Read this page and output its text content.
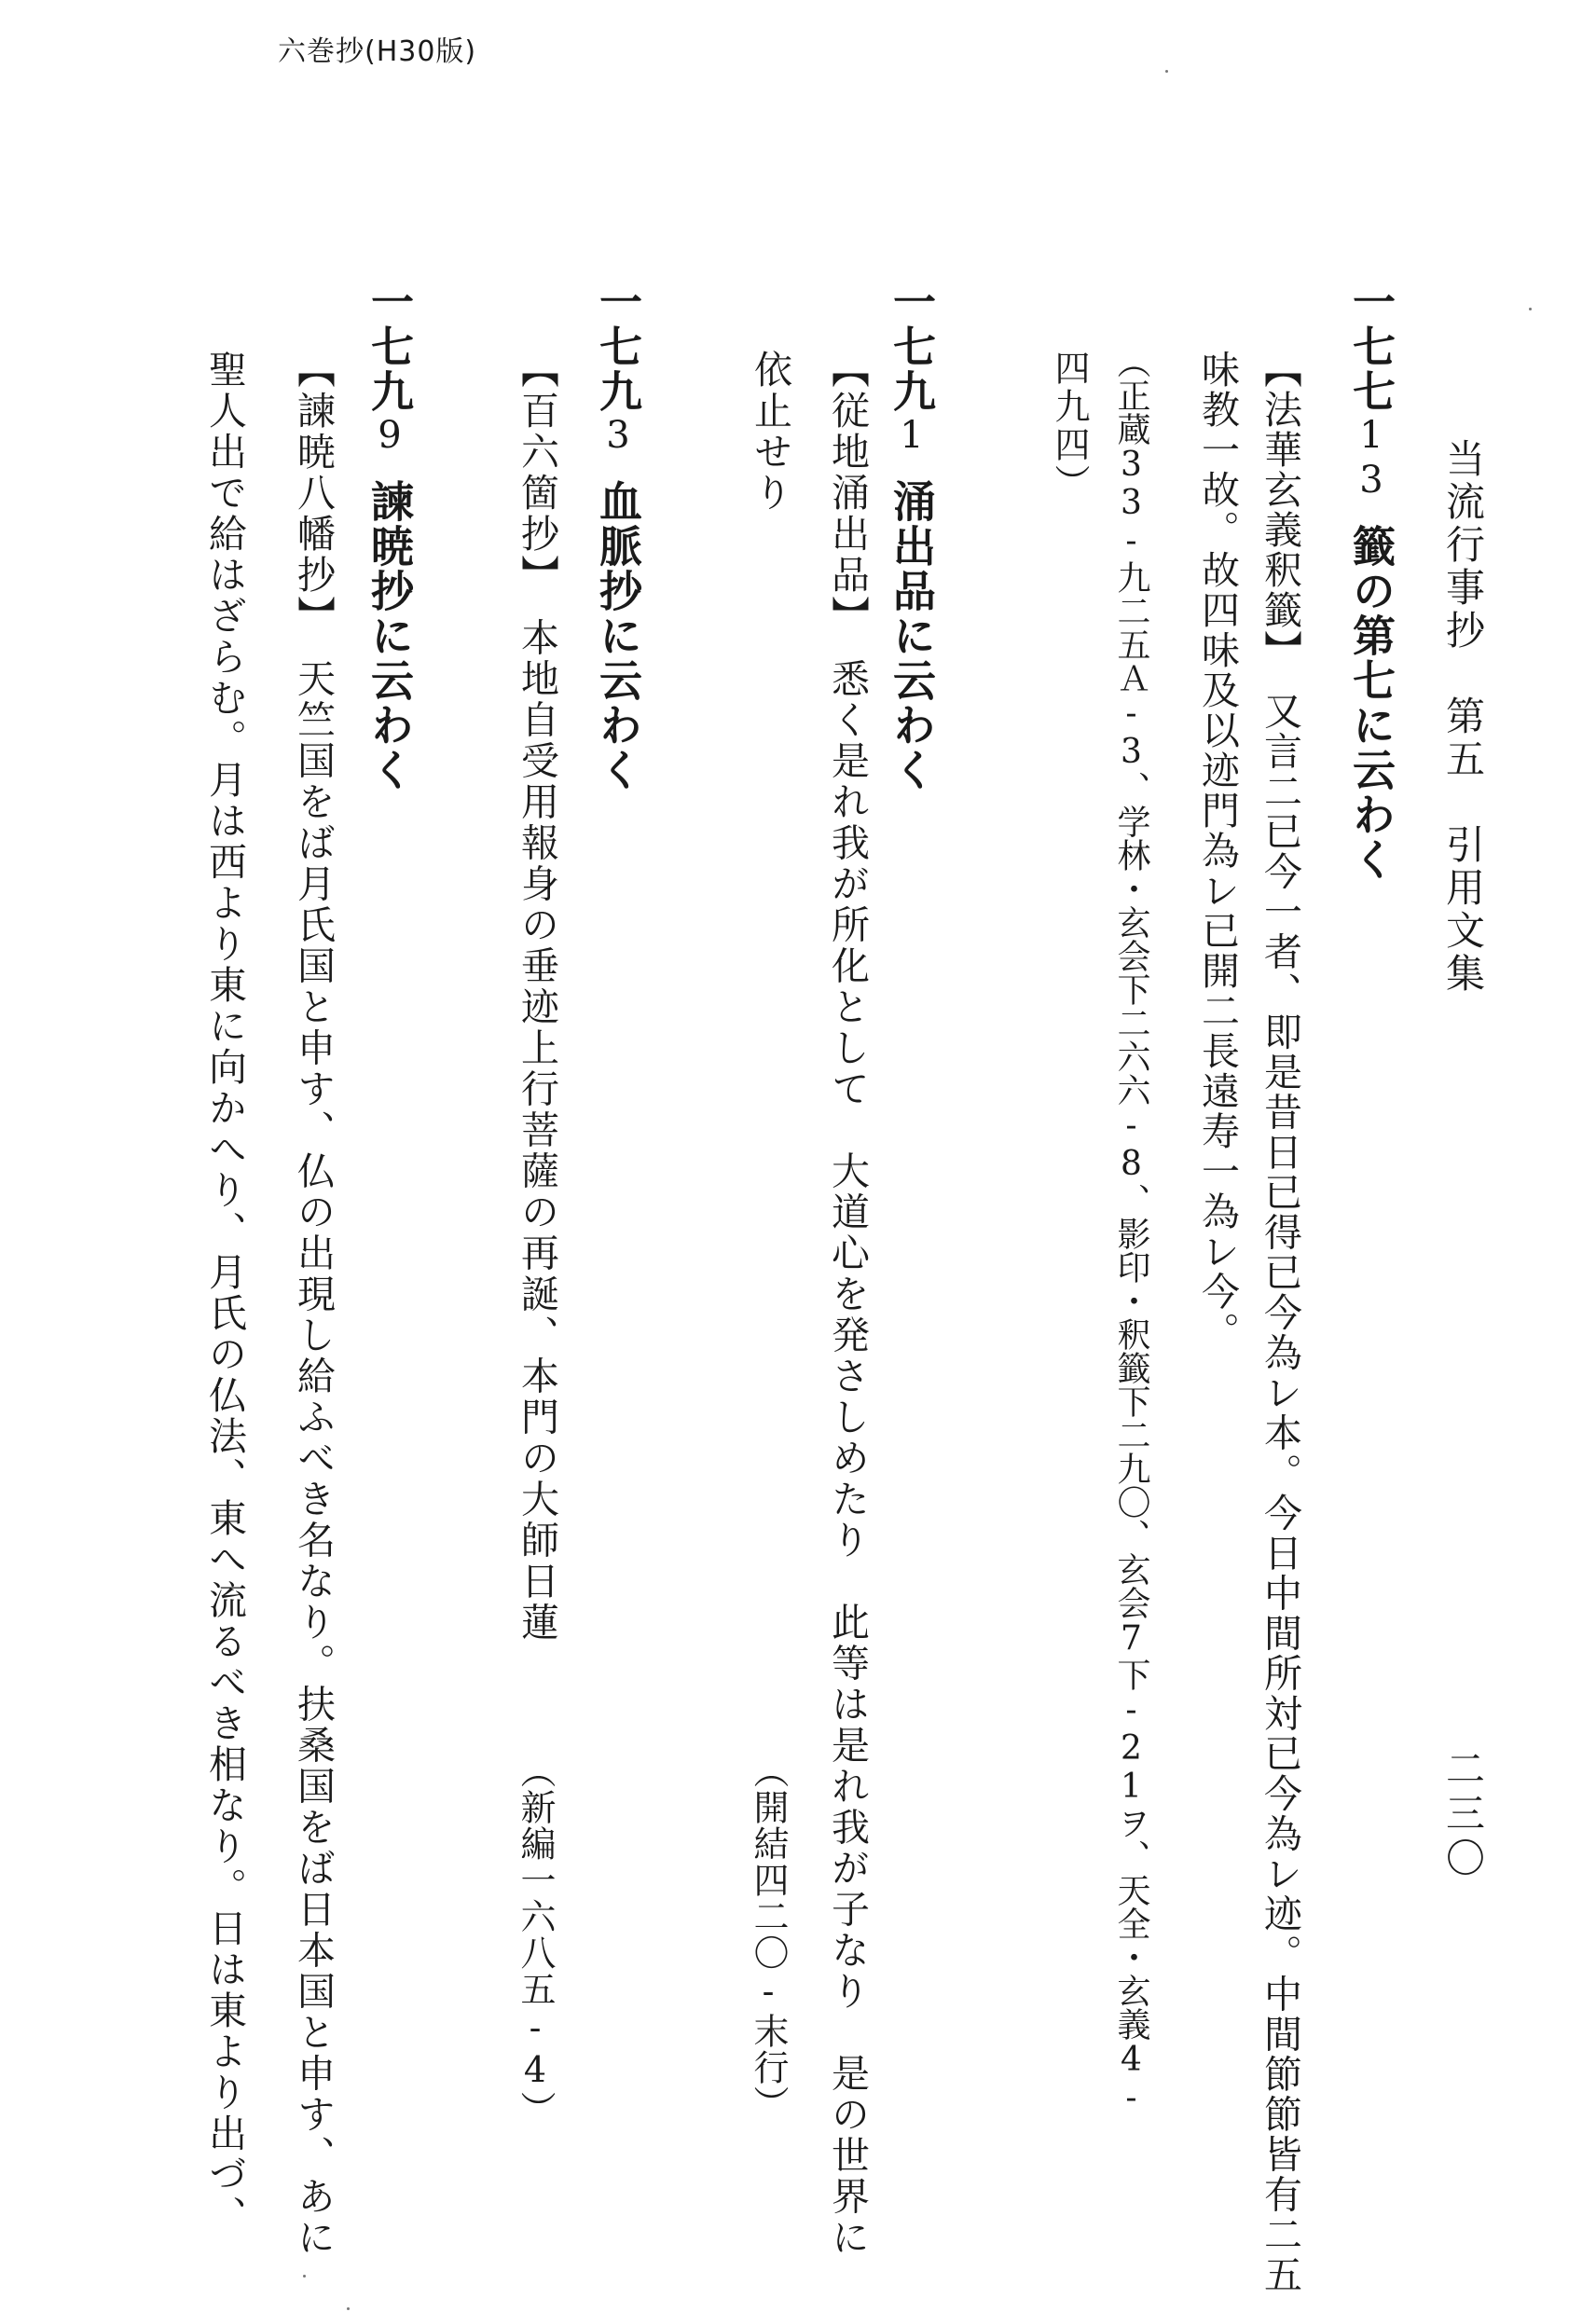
六巻抄(H30版)
当流行事抄　第五　引用文集
二三〇
一七七13籤の第七に云わく
【法華玄義釈籤】　又言二已今一者、即是昔日已得已今為レ本。今日中間所対已今為レ迹。中間節節皆有二五
味教一故。故四味及以迹門為レ已開二長遠寿一為レ今。
（正蔵33‐九二五Ａ‐3、学林・玄会下二六六‐8、影印・釈籤下二九〇、玄会7下‐21ヲ、天全・玄義4‐
四九四）
一七九1涌出品に云わく
【従地涌出品】　悉く是れ我が所化として　大道心を発さしめたり　此等は是れ我が子なり　是の世界に
依止せり
（開結四二〇‐末行）
一七九3血脈抄に云わく
【百六箇抄】　本地自受用報身の垂迹上行菩薩の再誕、本門の大師日蓮
（新編一六八五‐4）
一七九9諫暁抄に云わく
【諫暁八幡抄】　天竺国をば月氏国と申す、仏の出現し給ふべき名なり。扶桑国をば日本国と申す、あに
聖人出で給はざらむ。月は西より東に向かへり、月氏の仏法、東へ流るべき相なり。日は東より出づ、
